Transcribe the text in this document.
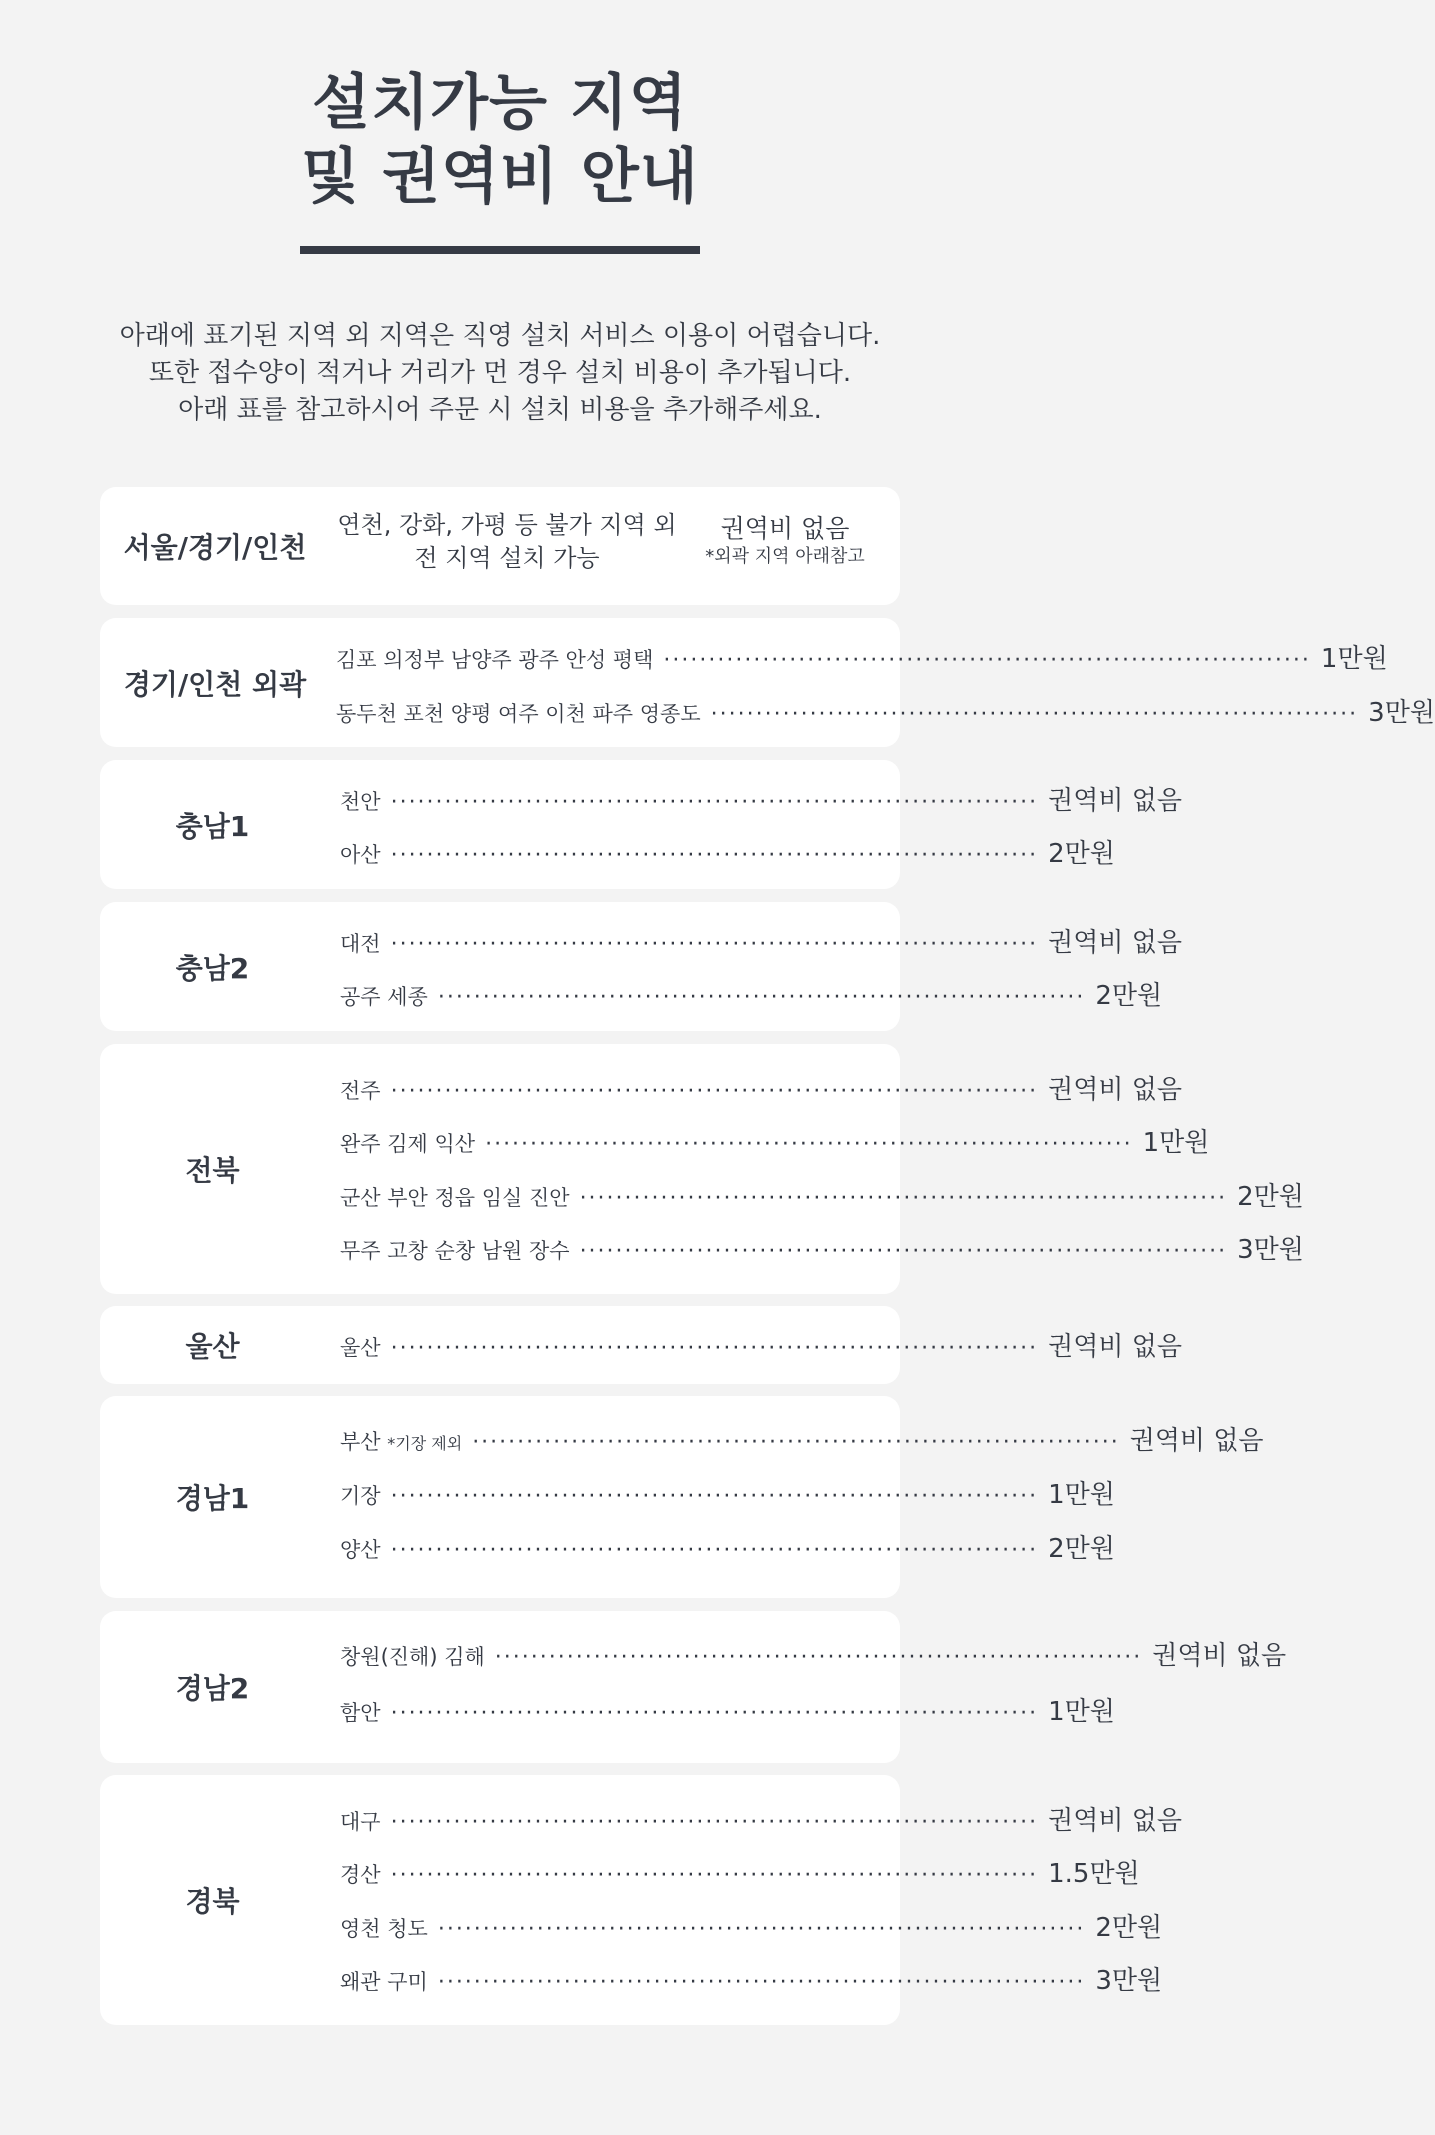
설치가능 지역
및 권역비 안내
아래에 표기된 지역 외 지역은 직영 설치 서비스 이용이 어렵습니다.
또한 접수양이 적거나 거리가 먼 경우 설치 비용이 추가됩니다.
아래 표를 참고하시어 주문 시 설치 비용을 추가해주세요.
서울/경기/인천
연천, 강화, 가평 등 불가 지역 외
전 지역 설치 가능
권역비 없음
*외곽 지역 아래참고
경기/인천 외곽
김포 의정부 남양주 광주 안성 평택 ········································································ 1만원
동두천 포천 양평 여주 이천 파주 영종도 ········································································ 3만원
충남1
천안 ········································································ 권역비 없음
아산 ········································································ 2만원
충남2
대전 ········································································ 권역비 없음
공주 세종 ········································································ 2만원
전북
전주 ········································································ 권역비 없음
완주 김제 익산 ········································································ 1만원
군산 부안 정읍 임실 진안 ········································································ 2만원
무주 고창 순창 남원 장수 ········································································ 3만원
울산	울산 ········································································ 권역비 없음
경남1
부산 *기장 제외 ········································································ 권역비 없음
기장 ········································································ 1만원
양산 ········································································ 2만원
경남2
창원(진해) 김해 ········································································ 권역비 없음
함안 ········································································ 1만원
경북
대구 ········································································ 권역비 없음
경산 ········································································ 1.5만원
영천 청도 ········································································ 2만원
왜관 구미 ········································································ 3만원
